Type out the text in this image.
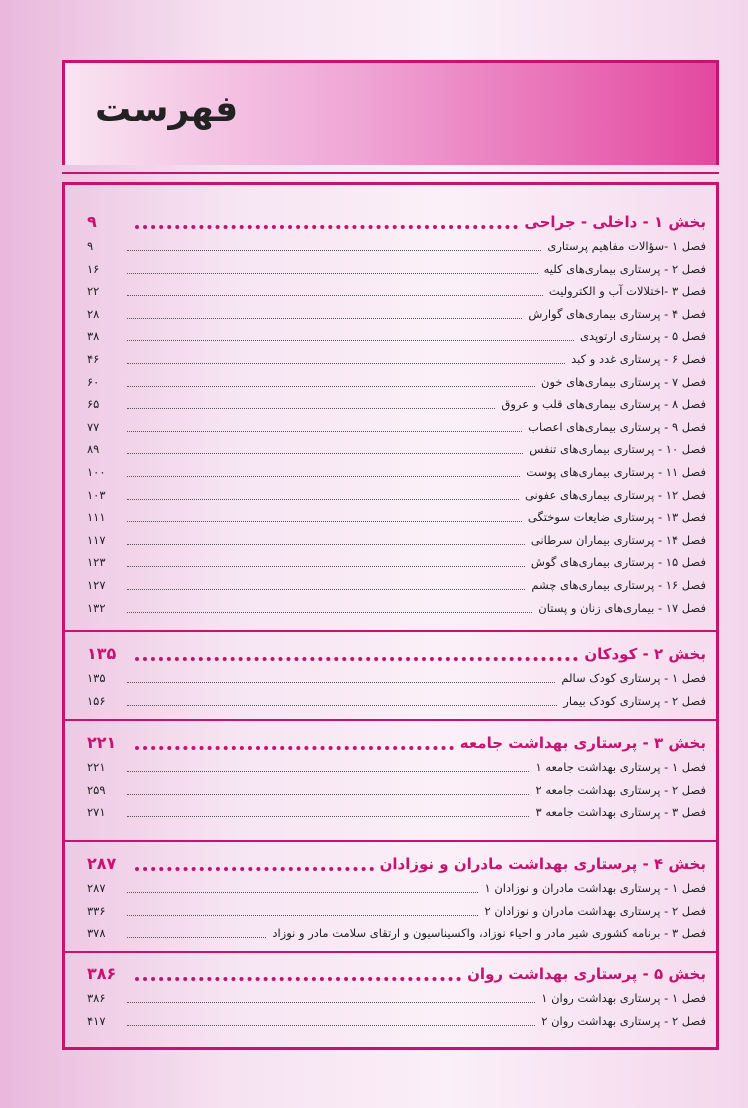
فهرست
بخش ۱ - داخلی - جراحی
۹
فصل ۱ -سؤالات مفاهیم پرستاری
۹
فصل ۲ - پرستاری بیماری‌های کلیه
۱۶
فصل ۳ -اختلالات آب و الکترولیت
۲۲
فصل ۴ - پرستاری بیماری‌های گوارش
۲۸
فصل ۵ - پرستاری ارتوپدی
۳۸
فصل ۶ - پرستاری غدد و کبد
۴۶
فصل ۷ - پرستاری بیماری‌های خون
۶۰
فصل ۸ - پرستاری بیماری‌های قلب و عروق
۶۵
فصل ۹ - پرستاری بیماری‌های اعصاب
۷۷
فصل ۱۰ - پرستاری بیماری‌های تنفس
۸۹
فصل ۱۱ - پرستاری بیماری‌های پوست
۱۰۰
فصل ۱۲ - پرستاری بیماری‌های عفونی
۱۰۳
فصل ۱۳ - پرستاری ضایعات سوختگی
۱۱۱
فصل ۱۴ - پرستاری بیماران سرطانی
۱۱۷
فصل ۱۵ - پرستاری بیماری‌های گوش
۱۲۳
فصل ۱۶ - پرستاری بیماری‌های چشم
۱۲۷
فصل ۱۷ - بیماری‌های زنان و پستان
۱۳۲
بخش ۲ - کودکان
۱۳۵
فصل ۱ - پرستاری کودک سالم
۱۳۵
فصل ۲ - پرستاری کودک بیمار
۱۵۶
بخش ۳ - پرستاری بهداشت جامعه
۲۲۱
فصل ۱ - پرستاری بهداشت جامعه ۱
۲۲۱
فصل ۲ - پرستاری بهداشت جامعه ۲
۲۵۹
فصل ۳ - پرستاری بهداشت جامعه ۳
۲۷۱
بخش ۴ - پرستاری بهداشت مادران و نوزادان
۲۸۷
فصل ۱ - پرستاری بهداشت مادران و نوزادان ۱
۲۸۷
فصل ۲ - پرستاری بهداشت مادران و نوزادان ۲
۳۳۶
فصل ۳ - برنامه کشوری شیر مادر و احیاء نوزاد، واکسیناسیون و ارتقای سلامت مادر و نوزاد
۳۷۸
بخش ۵ - پرستاری بهداشت روان
۳۸۶
فصل ۱ - پرستاری بهداشت روان ۱
۳۸۶
فصل ۲ - پرستاری بهداشت روان ۲
۴۱۷
